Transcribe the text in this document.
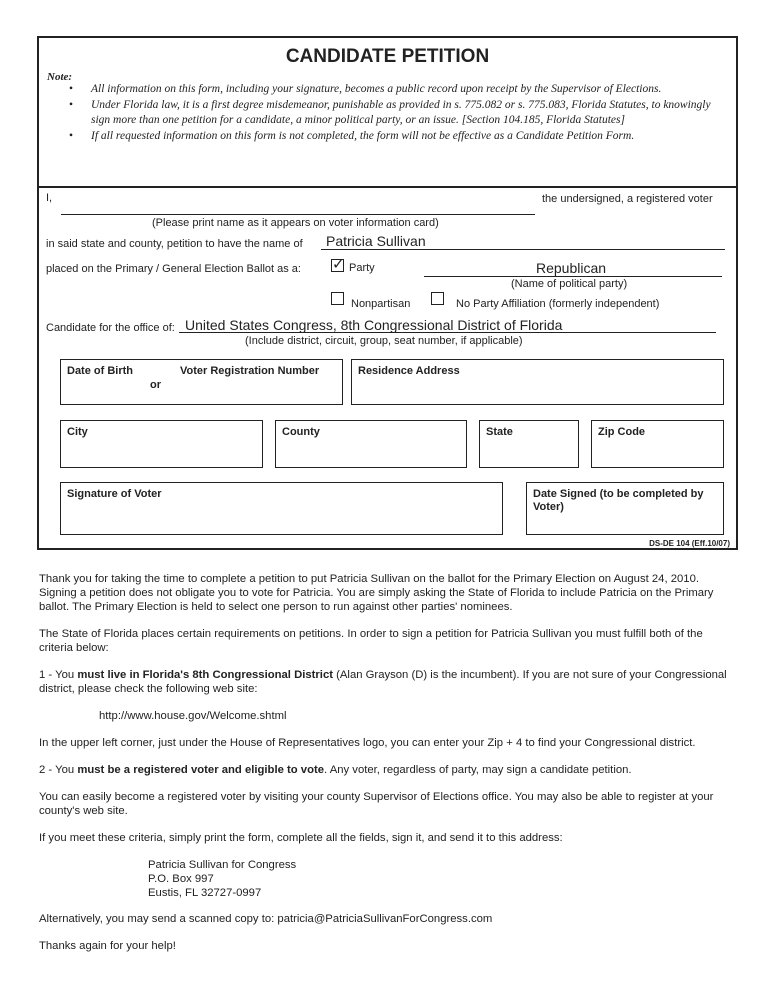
CANDIDATE PETITION
Note:
• All information on this form, including your signature, becomes a public record upon receipt by the Supervisor of Elections.
• Under Florida law, it is a first degree misdemeanor, punishable as provided in s. 775.082 or s. 775.083, Florida Statutes, to knowingly sign more than one petition for a candidate, a minor political party, or an issue. [Section 104.185, Florida Statutes]
• If all requested information on this form is not completed, the form will not be effective as a Candidate Petition Form.
I,	the undersigned, a registered voter
(Please print name as it appears on voter information card)
in said state and county, petition to have the name of Patricia Sullivan
placed on the Primary / General Election Ballot as a: ✓ Party	Republican
(Name of political party)
Nonpartisan	No Party Affiliation (formerly independent)
Candidate for the office of: United States Congress, 8th Congressional District of Florida
(Include district, circuit, group, seat number, if applicable)
Date of Birth	Voter Registration Number
or
Residence Address
City	County	State	Zip Code
Signature of Voter	Date Signed (to be completed by Voter)
DS-DE 104 (Eff.10/07)
Thank you for taking the time to complete a petition to put Patricia Sullivan on the ballot for the Primary Election on August 24, 2010. Signing a petition does not obligate you to vote for Patricia. You are simply asking the State of Florida to include Patricia on the Primary ballot. The Primary Election is held to select one person to run against other parties' nominees.
The State of Florida places certain requirements on petitions. In order to sign a petition for Patricia Sullivan you must fulfill both of the criteria below:
1 - You must live in Florida's 8th Congressional District (Alan Grayson (D) is the incumbent). If you are not sure of your Congressional district, please check the following web site:
http://www.house.gov/Welcome.shtml
In the upper left corner, just under the House of Representatives logo, you can enter your Zip + 4 to find your Congressional district.
2 - You must be a registered voter and eligible to vote. Any voter, regardless of party, may sign a candidate petition.
You can easily become a registered voter by visiting your county Supervisor of Elections office. You may also be able to register at your county's web site.
If you meet these criteria, simply print the form, complete all the fields, sign it, and send it to this address:
Patricia Sullivan for Congress
P.O. Box 997
Eustis, FL 32727-0997
Alternatively, you may send a scanned copy to: patricia@PatriciaSullivanForCongress.com
Thanks again for your help!
